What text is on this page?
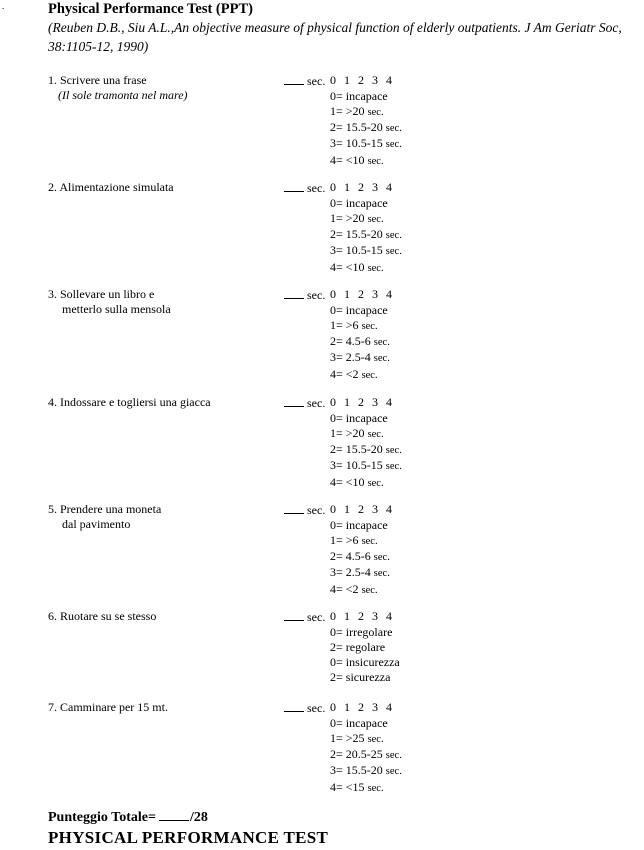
.	Physical Performance Test (PPT)
(Reuben D.B., Siu A.L.,An objective measure of physical function of elderly outpatients. J Am Geriatr Soc, 38:1105-12, 1990)
1. Scrivere una frase
(Il sole tramonta nel mare)
sec. 0 1 2 3 4
0= incapace
1= >20 sec.
2= 15.5-20 sec.
3= 10.5-15 sec.
4= <10 sec.
2. Alimentazione simulata	sec. 0 1 2 3 4
0= incapace
1= >20 sec.
2= 15.5-20 sec.
3= 10.5-15 sec.
4= <10 sec.
3. Sollevare un libro e
metterlo sulla mensola
sec. 0 1 2 3 4
0= incapace
1= >6 sec.
2= 4.5-6 sec.
3= 2.5-4 sec.
4= <2 sec.
4. Indossare e togliersi una giacca	sec. 0 1 2 3 4
0= incapace
1= >20 sec.
2= 15.5-20 sec.
3= 10.5-15 sec.
4= <10 sec.
5. Prendere una moneta
dal pavimento
sec. 0 1 2 3 4
0= incapace
1= >6 sec.
2= 4.5-6 sec.
3= 2.5-4 sec.
4= <2 sec.
6. Ruotare su se stesso	sec. 0 1 2 3 4
0= irregolare
2= regolare
0= insicurezza
2= sicurezza
7. Camminare per 15 mt.	sec. 0 1 2 3 4
0= incapace
1= >25 sec.
2= 20.5-25 sec.
3= 15.5-20 sec.
4= <15 sec.
Punteggio Totale= /28
PHYSICAL PERFORMANCE TEST
